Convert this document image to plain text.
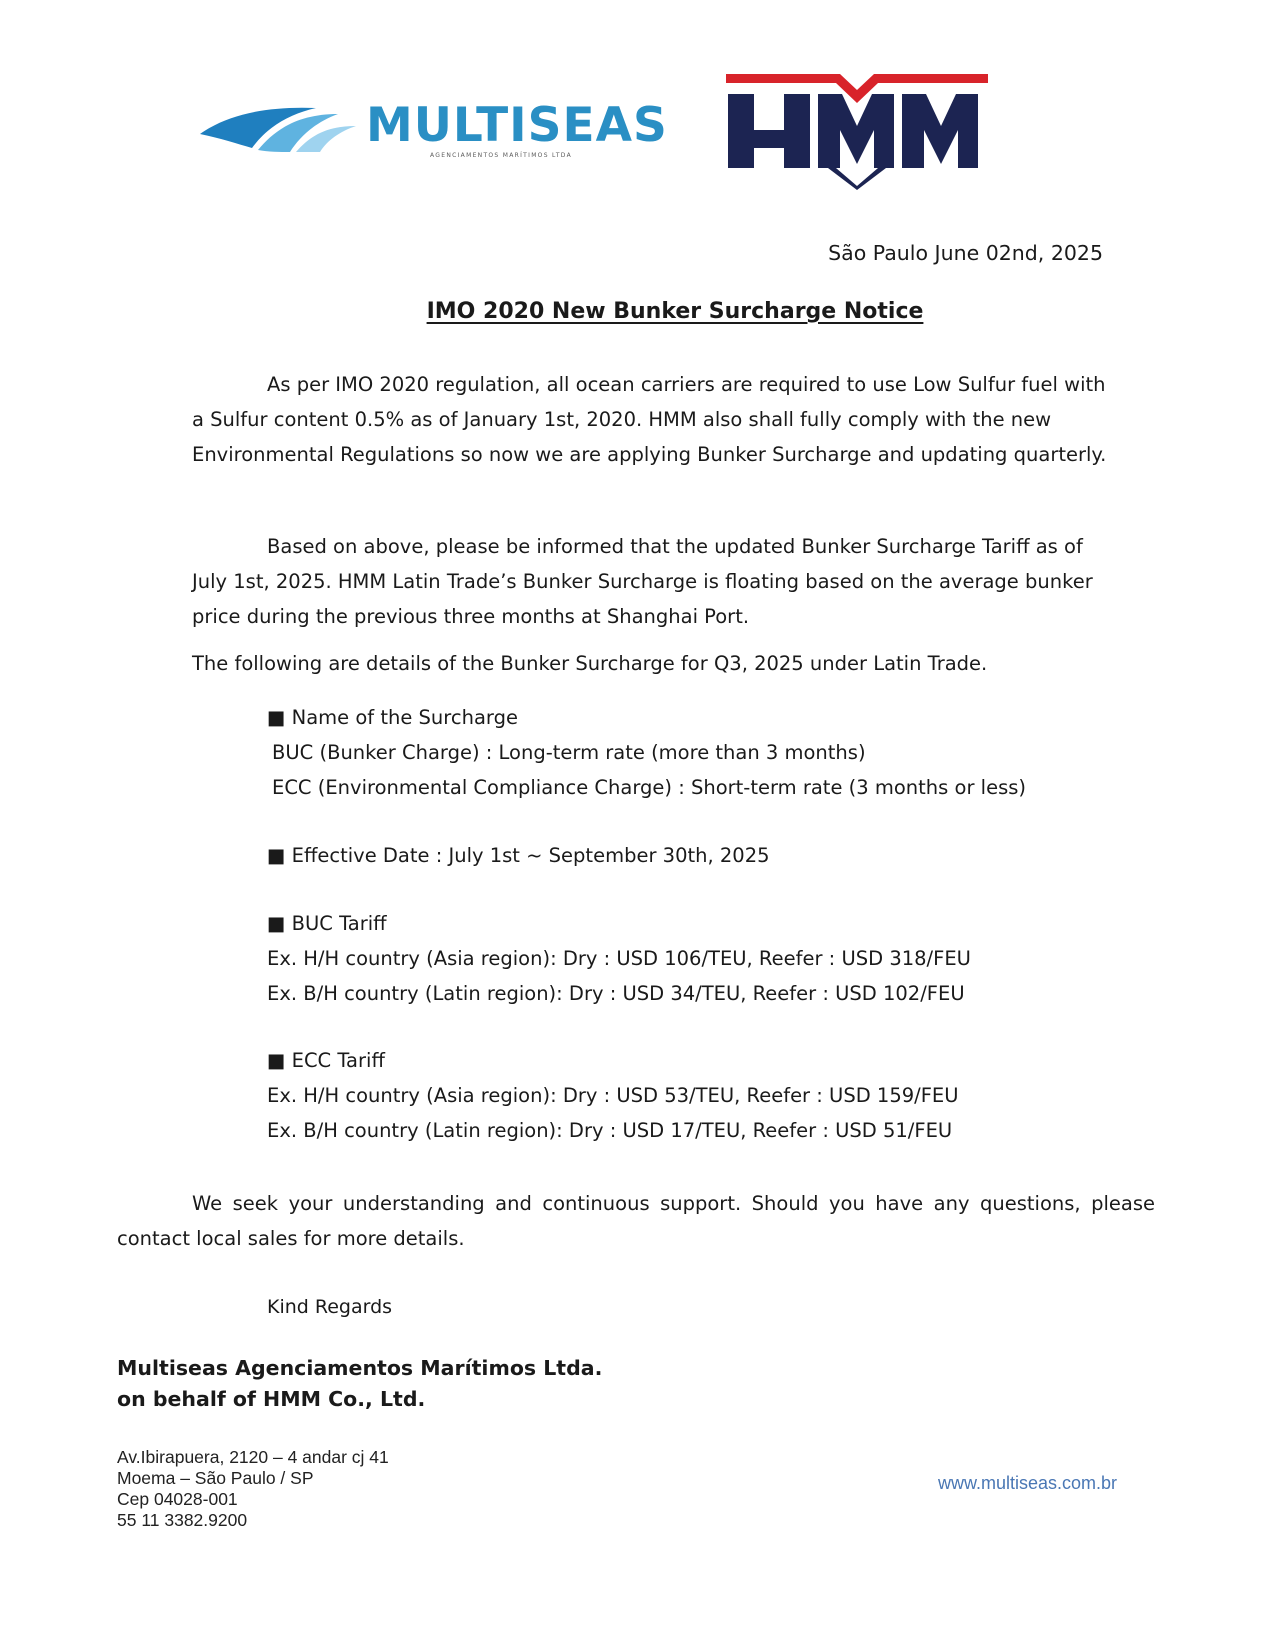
MULTISEAS
AGENCIAMENTOS MARÍTIMOS LTDA
São Paulo June 02nd, 2025
IMO 2020 New Bunker Surcharge Notice
As per IMO 2020 regulation, all ocean carriers are required to use Low Sulfur fuel with a Sulfur content 0.5% as of January 1st, 2020. HMM also shall fully comply with the new Environmental Regulations so now we are applying Bunker Surcharge and updating quarterly.
Based on above, please be informed that the updated Bunker Surcharge Tariff as of July 1st, 2025. HMM Latin Trade’s Bunker Surcharge is floating based on the average bunker price during the previous three months at Shanghai Port.
The following are details of the Bunker Surcharge for Q3, 2025 under Latin Trade.
■ Name of the Surcharge
BUC (Bunker Charge) : Long-term rate (more than 3 months)
ECC (Environmental Compliance Charge) : Short-term rate (3 months or less)
■ Effective Date : July 1st ~ September 30th, 2025
■ BUC Tariff
Ex. H/H country (Asia region): Dry : USD 106/TEU, Reefer : USD 318/FEU
Ex. B/H country (Latin region): Dry : USD 34/TEU, Reefer : USD 102/FEU
■ ECC Tariff
Ex. H/H country (Asia region): Dry : USD 53/TEU, Reefer : USD 159/FEU
Ex. B/H country (Latin region): Dry : USD 17/TEU, Reefer : USD 51/FEU
We seek your understanding and continuous support. Should you have any questions, please
contact local sales for more details.
Kind Regards
Multiseas Agenciamentos Marítimos Ltda.
on behalf of HMM Co., Ltd.
Av.Ibirapuera, 2120 – 4 andar cj 41
Moema – São Paulo / SP
Cep 04028-001
55 11 3382.9200
www.multiseas.com.br
